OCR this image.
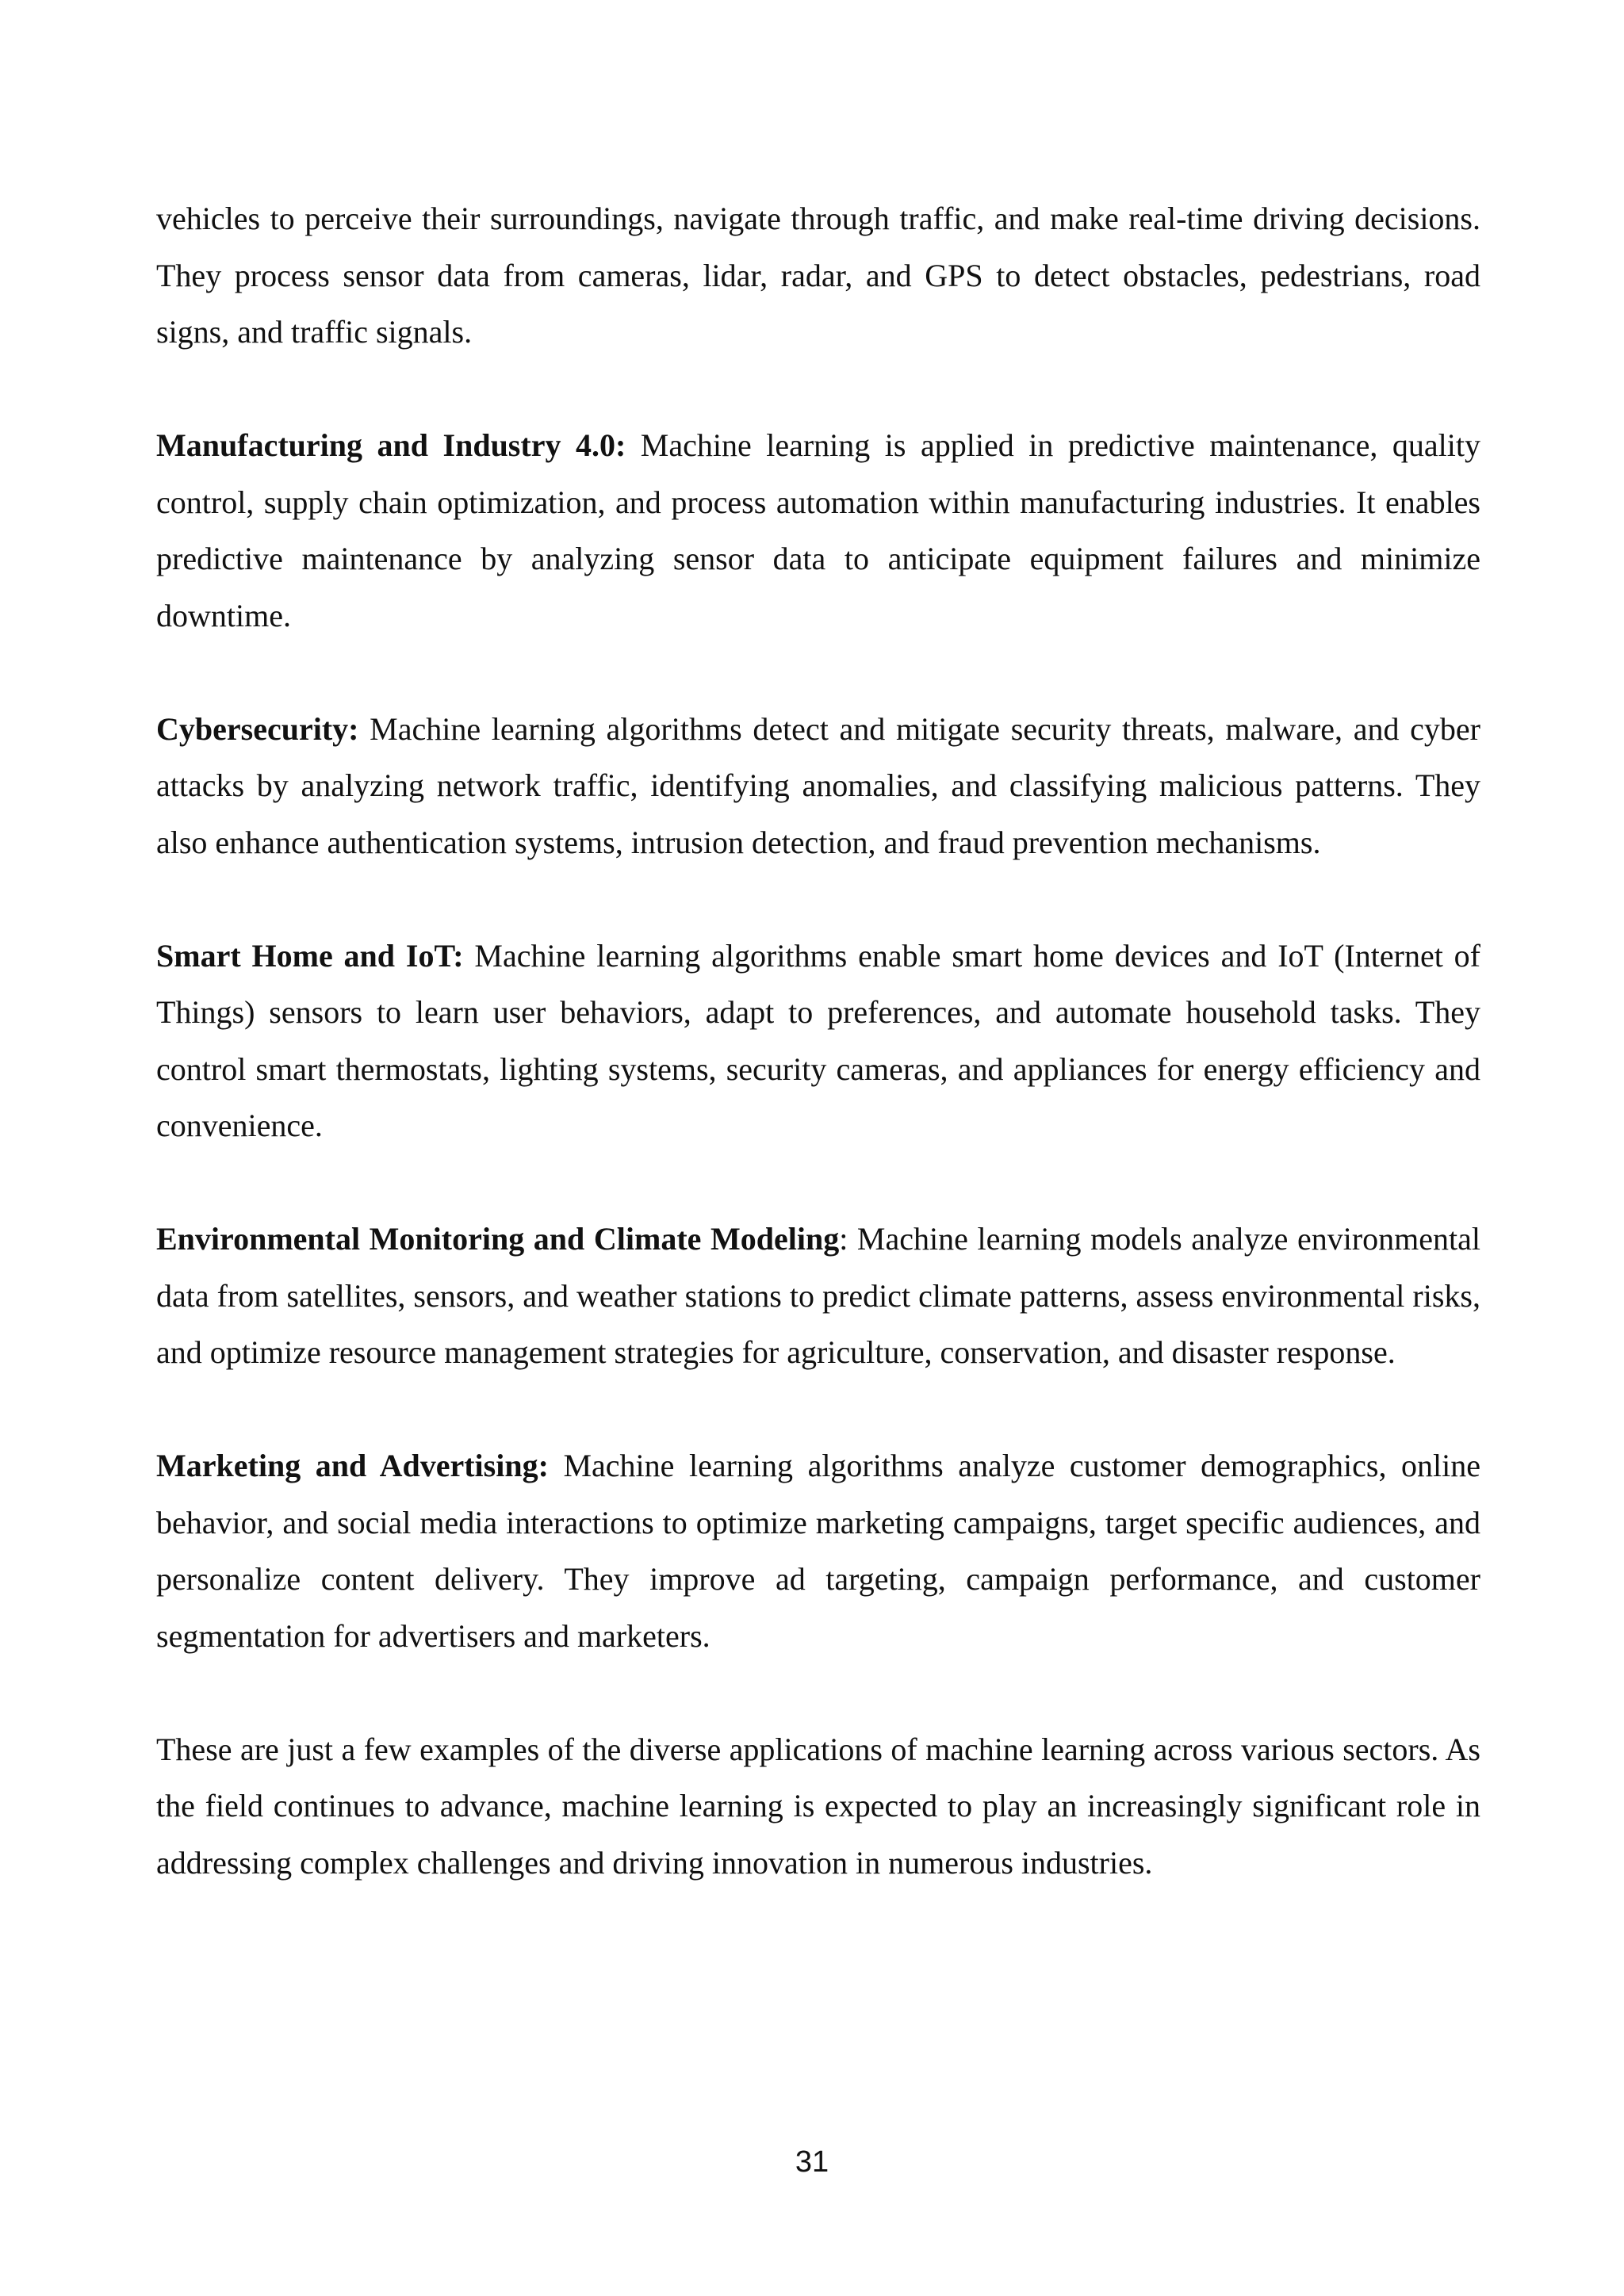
vehicles to perceive their surroundings, navigate through traffic, and make real-time driving decisions. They process sensor data from cameras, lidar, radar, and GPS to detect obstacles, pedestrians, road signs, and traffic signals.

Manufacturing and Industry 4.0: Machine learning is applied in predictive maintenance, quality control, supply chain optimization, and process automation within manufacturing industries. It enables predictive maintenance by analyzing sensor data to anticipate equipment failures and minimize downtime.

Cybersecurity: Machine learning algorithms detect and mitigate security threats, malware, and cyber attacks by analyzing network traffic, identifying anomalies, and classifying malicious patterns. They also enhance authentication systems, intrusion detection, and fraud prevention mechanisms.

Smart Home and IoT: Machine learning algorithms enable smart home devices and IoT (Internet of Things) sensors to learn user behaviors, adapt to preferences, and automate household tasks. They control smart thermostats, lighting systems, security cameras, and appliances for energy efficiency and convenience.

Environmental Monitoring and Climate Modeling: Machine learning models analyze environmental data from satellites, sensors, and weather stations to predict climate patterns, assess environmental risks, and optimize resource management strategies for agriculture, conservation, and disaster response.

Marketing and Advertising: Machine learning algorithms analyze customer demographics, online behavior, and social media interactions to optimize marketing campaigns, target specific audiences, and personalize content delivery. They improve ad targeting, campaign performance, and customer segmentation for advertisers and marketers.

These are just a few examples of the diverse applications of machine learning across various sectors. As the field continues to advance, machine learning is expected to play an increasingly significant role in addressing complex challenges and driving innovation in numerous industries.

31
